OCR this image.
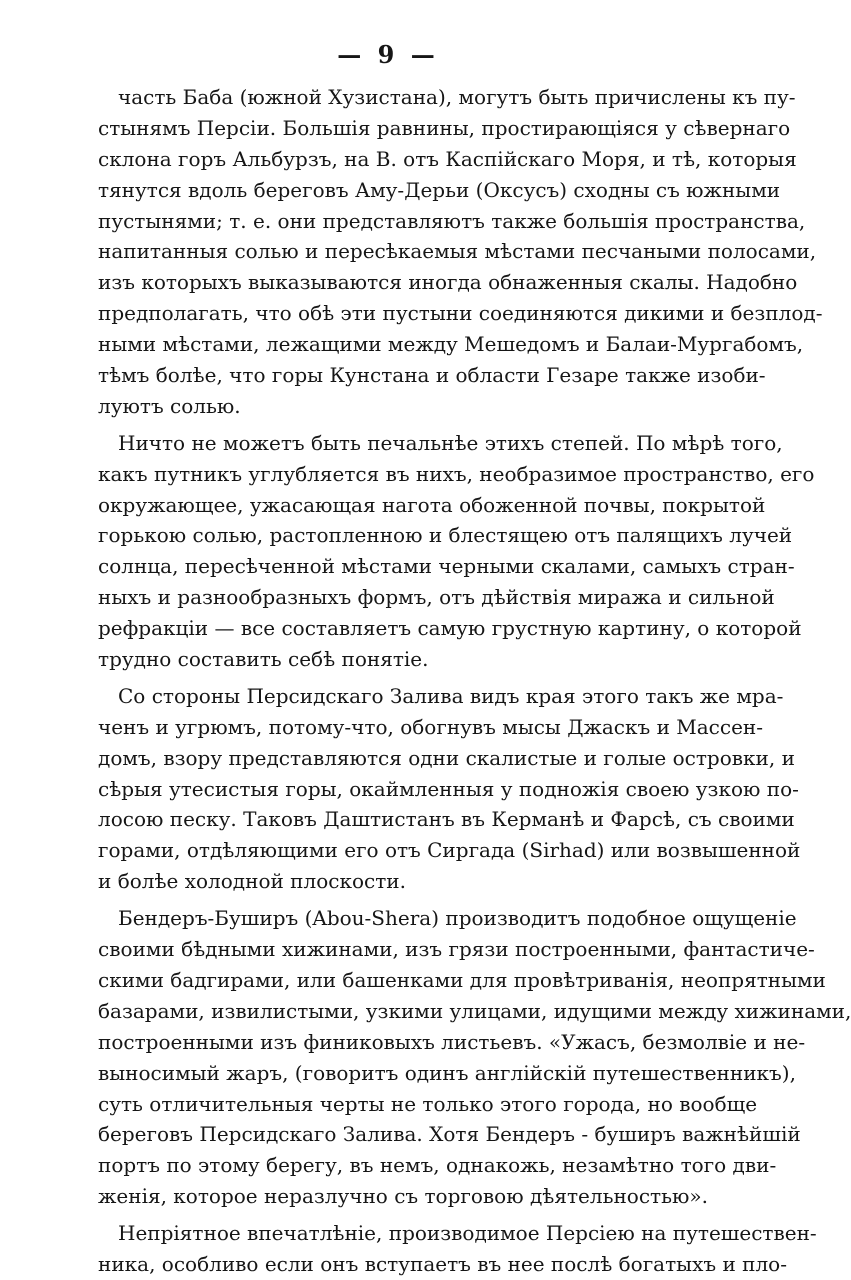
— 9 —
часть Баба (южной Хузистана), могутъ быть причислены къ пу-
стынямъ Персіи. Большія равнины, простирающіяся у сѣвернаго
склона горъ Альбурзъ, на В. отъ Каспійскаго Моря, и тѣ, которыя
тянутся вдоль береговъ Аму-Дерьи (Оксусъ) сходны съ южными
пустынями; т. е. они представляютъ также большія пространства,
напитанныя солью и пересѣкаемыя мѣстами песчаными полосами,
изъ которыхъ выказываются иногда обнаженныя скалы. Надобно
предполагать, что обѣ эти пустыни соединяются дикими и безплод-
ными мѣстами, лежащими между Мешедомъ и Балаи-Мургабомъ,
тѣмъ болѣе, что горы Кунстана и области Гезаре также изоби-
луютъ солью.
Ничто не можетъ быть печальнѣе этихъ степей. По мѣрѣ того,
какъ путникъ углубляется въ нихъ, необразимое пространство, его
окружающее, ужасающая нагота обоженной почвы, покрытой
горькою солью, растопленною и блестящею отъ палящихъ лучей
солнца, пересѣченной мѣстами черными скалами, самыхъ стран-
ныхъ и разнообразныхъ формъ, отъ дѣйствія миража и сильной
рефракціи — все составляетъ самую грустную картину, о которой
трудно составить себѣ понятіе.
Со стороны Персидскаго Залива видъ края этого такъ же мра-
ченъ и угрюмъ, потому-что, обогнувъ мысы Джаскъ и Массен-
домъ, взору представляются одни скалистые и голые островки, и
сѣрыя утесистыя горы, окаймленныя у подножія своею узкою по-
лосою песку. Таковъ Даштистанъ въ Керманѣ и Фарсѣ, съ своими
горами, отдѣляющими его отъ Сиргада (Sirhad) или возвышенной
и болѣе холодной плоскости.
Бендеръ-Буширъ (Abou-Shera) производитъ подобное ощущеніе
своими бѣдными хижинами, изъ грязи построенными, фантастиче-
скими бадгирами, или башенками для провѣтриванія, неопрятными
базарами, извилистыми, узкими улицами, идущими между хижинами,
построенными изъ финиковыхъ листьевъ. «Ужасъ, безмолвіе и не-
выносимый жаръ, (говоритъ одинъ англійскій путешественникъ),
суть отличительныя черты не только этого города, но вообще
береговъ Персидскаго Залива. Хотя Бендеръ - буширъ важнѣйшій
портъ по этому берегу, въ немъ, однакожь, незамѣтно того дви-
женія, которое неразлучно съ торговою дѣятельностью».
Непріятное впечатлѣніе, производимое Персіею на путешествен-
ника, особливо если онъ вступаетъ въ нее послѣ богатыхъ и пло-
